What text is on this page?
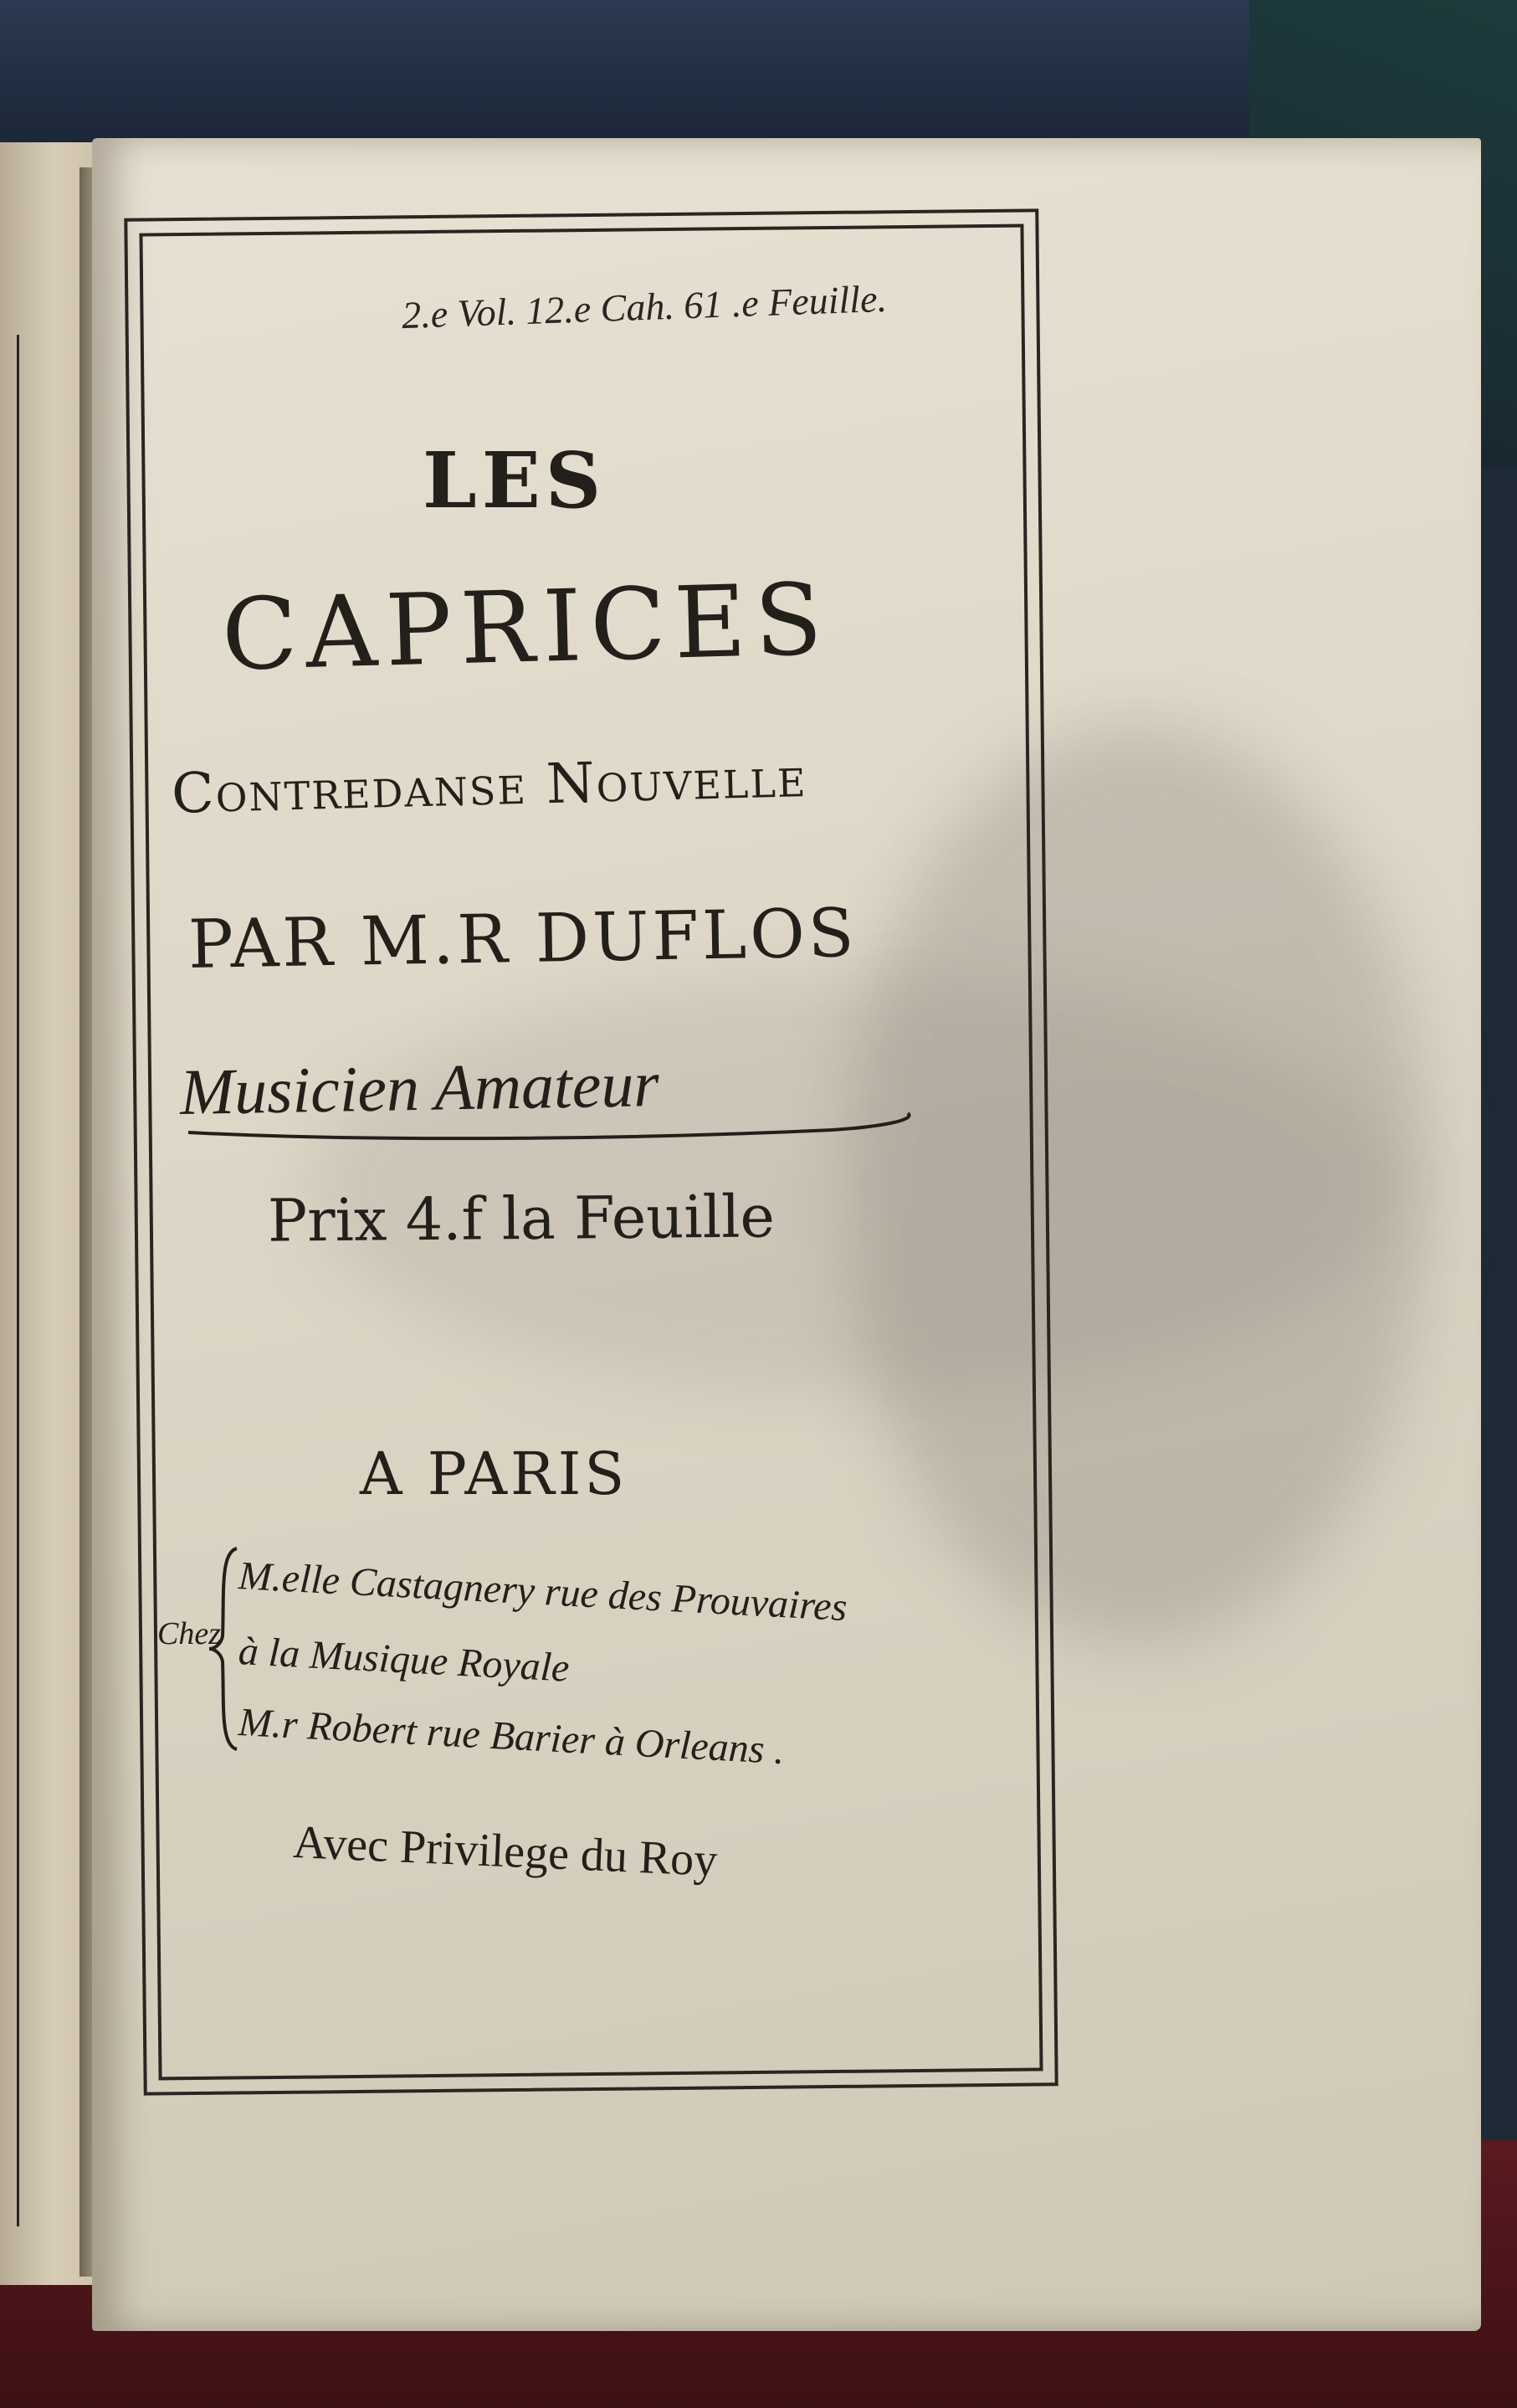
2.e Vol. 12.e Cah. 61 .e Feuille.
LES
CAPRICES
Contredanse Nouvelle
PAR M.R DUFLOS
Musicien Amateur
Prix 4.f la Feuille
A PARIS
Chez
M.elle Castagnery rue des Prouvaires
à la Musique Royale
M.r Robert rue Barier à Orleans .
Avec Privilege du Roy
